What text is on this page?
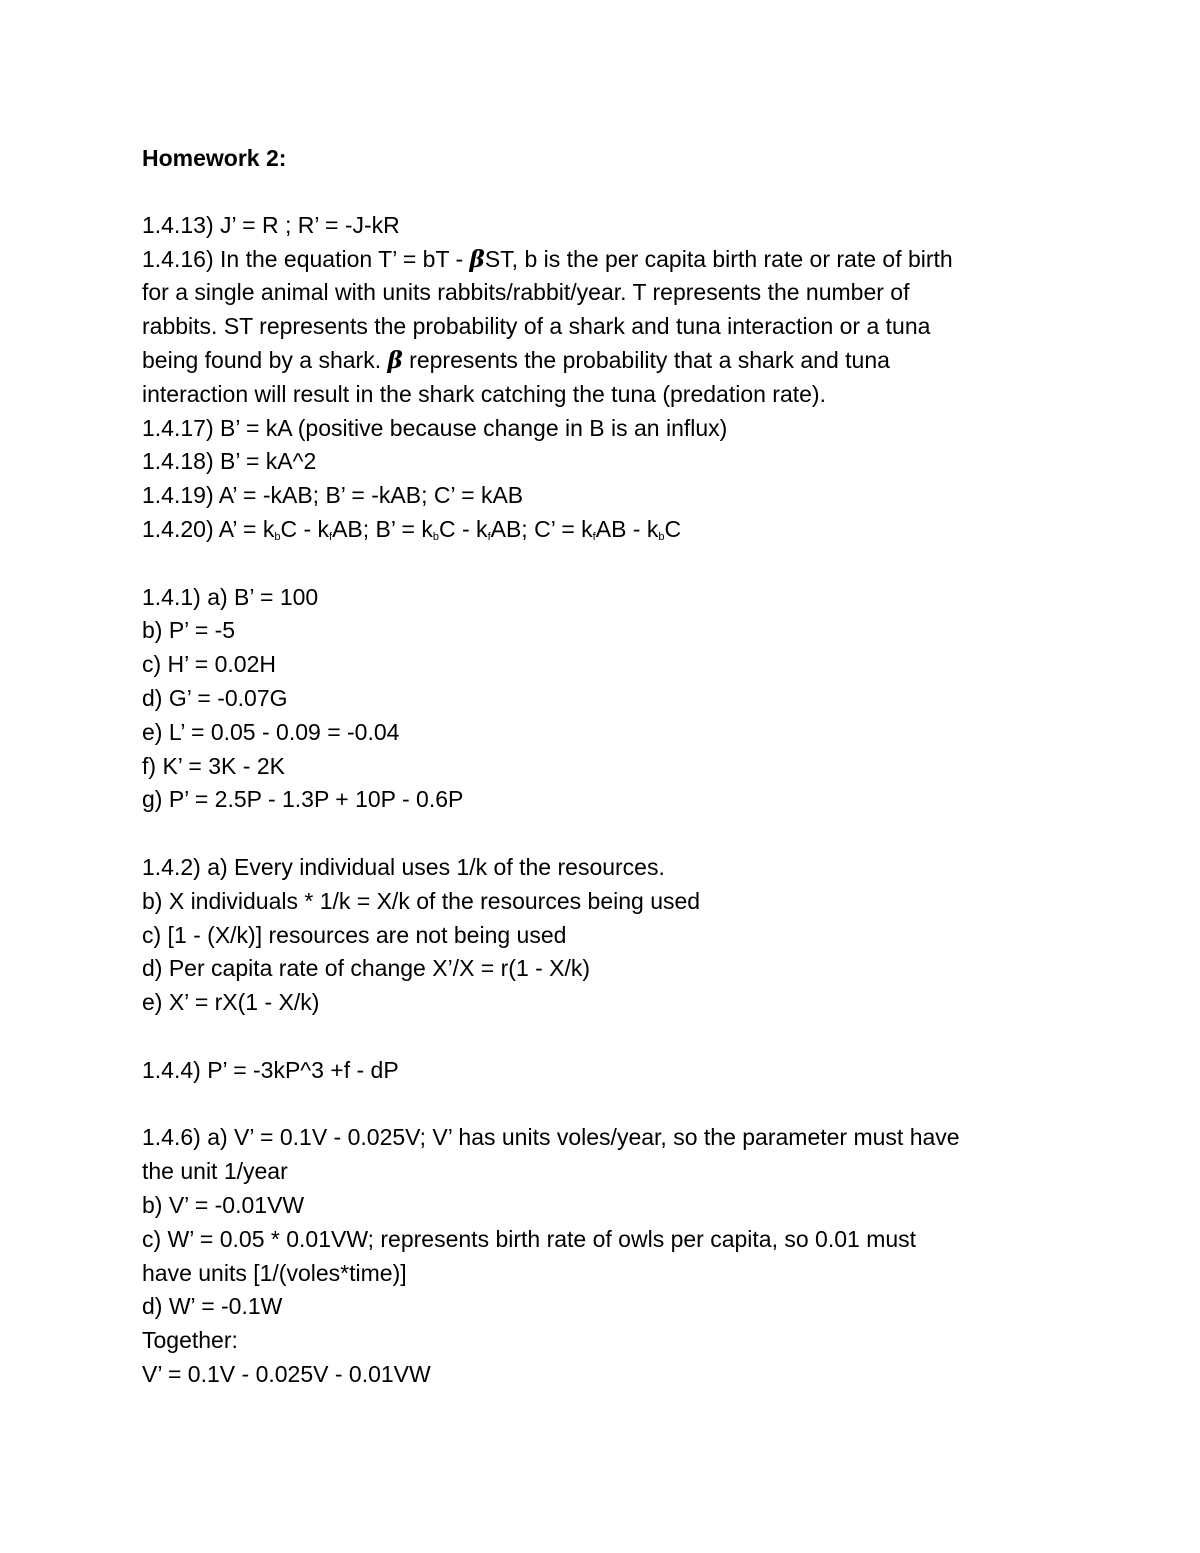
Homework 2:

1.4.13) J’ = R ; R’ = -J-kR

1.4.16) In the equation T’ = bT - βST, b is the per capita birth rate or rate of birth

for a single animal with units rabbits/rabbit/year. T represents the number of

rabbits. ST represents the probability of a shark and tuna interaction or a tuna

being found by a shark. β represents the probability that a shark and tuna

interaction will result in the shark catching the tuna (predation rate).

1.4.17) B’ = kA (positive because change in B is an influx)

1.4.18) B’ = kA^2

1.4.19) A’ = -kAB; B’ = -kAB; C’ = kAB

1.4.20) A’ = $k_bC - k_fAB$; B’ = $k_bC - k_fAB$; C’ = $k_fAB - k_bC$

1.4.1) a) B’ = 100

b) P’ = -5

c) H’ = 0.02H

d) G’ = -0.07G

e) L’ = 0.05 - 0.09 = -0.04

f) K’ = 3K - 2K

g) P’ = 2.5P - 1.3P + 10P - 0.6P

1.4.2) a) Every individual uses 1/k of the resources.

b) X individuals * 1/k = X/k of the resources being used

c) [1 - (X/k)] resources are not being used

d) Per capita rate of change X’/X = r(1 - X/k)

e) X’ = rX(1 - X/k)

1.4.4) P’ = -3kP^3 +f - dP

1.4.6) a) V’ = 0.1V - 0.025V; V’ has units voles/year, so the parameter must have

the unit 1/year

b) V’ = -0.01VW

c) W’ = 0.05 * 0.01VW; represents birth rate of owls per capita, so 0.01 must

have units [1/(voles*time)]

d) W’ = -0.1W

Together:

V’ = 0.1V - 0.025V - 0.01VW
